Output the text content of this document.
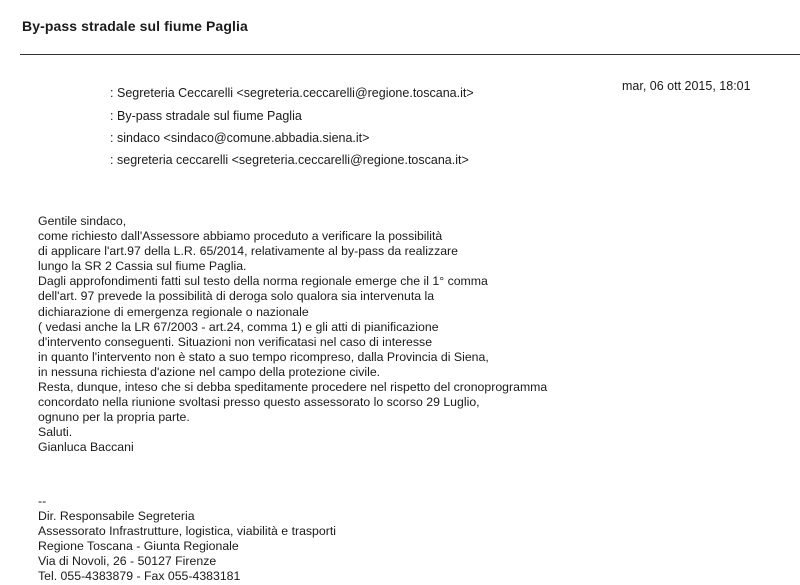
By-pass stradale sul fiume Paglia
: Segreteria Ceccarelli <segreteria.ceccarelli@regione.toscana.it>
: By-pass stradale sul fiume Paglia
: sindaco <sindaco@comune.abbadia.siena.it>
: segreteria ceccarelli <segreteria.ceccarelli@regione.toscana.it>
mar, 06 ott 2015, 18:01
Gentile sindaco,
come richiesto dall'Assessore abbiamo proceduto a verificare la possibilità
di applicare l'art.97 della L.R. 65/2014, relativamente al by-pass da realizzare
lungo la SR 2 Cassia sul fiume Paglia.
Dagli approfondimenti fatti sul testo della norma regionale emerge che il 1° comma
dell'art. 97 prevede la possibilità di deroga solo qualora sia intervenuta la
dichiarazione di emergenza regionale o nazionale
( vedasi anche la LR 67/2003 - art.24, comma 1) e gli atti di pianificazione
d'intervento conseguenti. Situazioni non verificatasi nel caso di interesse
in quanto l'intervento non è stato a suo tempo ricompreso, dalla Provincia di Siena,
in nessuna richiesta d'azione nel campo della protezione civile.
Resta, dunque, inteso che si debba speditamente procedere nel rispetto del cronoprogramma
concordato nella riunione svoltasi presso questo assessorato lo scorso 29 Luglio,
ognuno per la propria parte.
Saluti.
Gianluca Baccani
--
Dir. Responsabile Segreteria
Assessorato Infrastrutture, logistica, viabilità e trasporti
Regione Toscana - Giunta Regionale
Via di Novoli, 26 - 50127 Firenze
Tel. 055-4383879 - Fax 055-4383181
